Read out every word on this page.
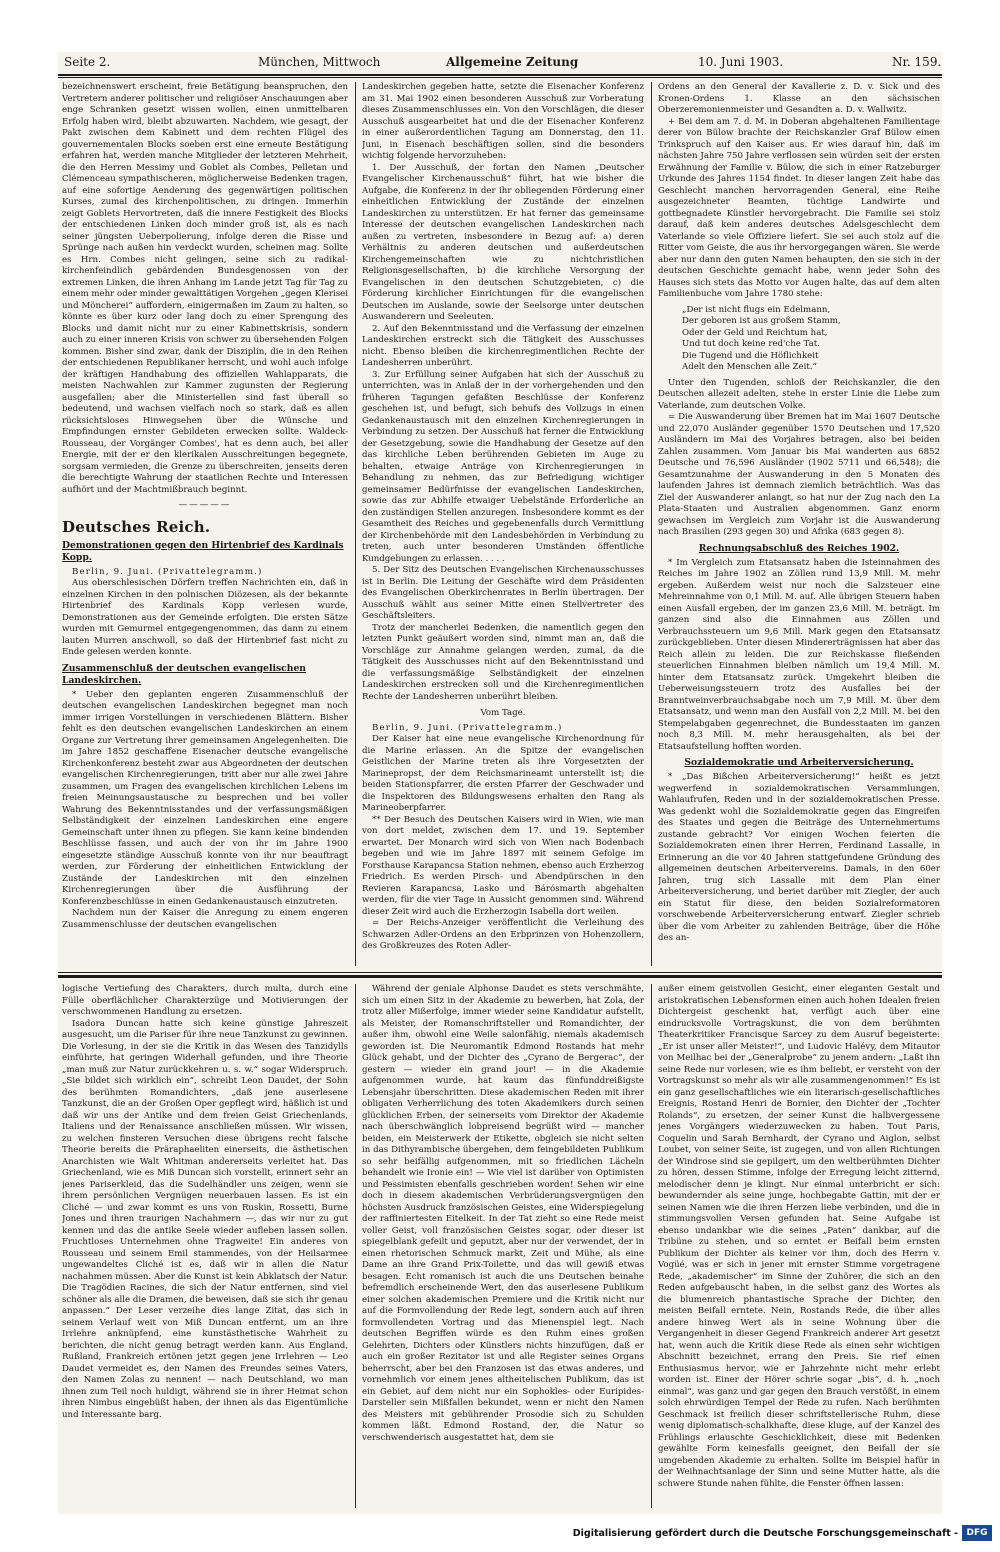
Seite 2.	München, Mittwoch	Allgemeine Zeitung	10. Juni 1903.	Nr. 159.

bezeichnenswert erscheint, freie Betätigung beanspruchen, den Vertretern anderer politischer und religiöser Anschauungen aber enge Schranken gesetzt wissen wollen, einen unmittelbaren Erfolg haben wird, bleibt abzuwarten. Nachdem, wie gesagt, der Pakt zwischen dem Kabinett und dem rechten Flügel des gouvernementalen Blocks soeben erst eine erneute Bestätigung erfahren hat, werden manche Mitglieder der letzteren Mehrheit, die den Herren Messimy und Goblet als Combes, Pelletan und Clémenceau sympathischeren, möglicherweise Bedenken tragen, auf eine sofortige Aenderung des gegenwärtigen politischen Kurses, zumal des kirchenpolitischen, zu dringen. Immerhin zeigt Goblets Hervortreten, daß die innere Festigkeit des Blocks der entschiedenen Linken doch minder groß ist, als es nach seiner jüngsten Ueberpolierung, infolge deren die Risse und Sprünge nach außen hin verdeckt wurden, scheinen mag. Sollte es Hrn. Combes nicht gelingen, seine sich zu radikal-kirchenfeindlich gebärdenden Bundesgenossen von der extremen Linken, die ihren Anhang im Lande jetzt Tag für Tag zu einem mehr oder minder gewalttätigen Vorgehen „gegen Klerisei und Möncherei“ auffordern, einigermaßen im Zaum zu halten, so könnte es über kurz oder lang doch zu einer Sprengung des Blocks und damit nicht nur zu einer Kabinettskrisis, sondern auch zu einer inneren Krisis von schwer zu übersehenden Folgen kommen. Bisher sind zwar, dank der Disziplin, die in den Reihen der entschiedenen Republikaner herrscht, und wohl auch infolge der kräftigen Handhabung des offiziellen Wahlapparats, die meisten Nachwahlen zur Kammer zugunsten der Regierung ausgefallen; aber die Ministeriellen sind fast überall so bedeutend, und wachsen vielfach noch so stark, daß es allen rücksichtsloses Hinwegsehen über die Wünsche und Empfindungen ernster Gebildeten erwecken sollte. Waldeck-Rousseau, der Vorgänger Combes', hat es denn auch, bei aller Energie, mit der er den klerikalen Ausschreitungen begegnete, sorgsam vermieden, die Grenze zu überschreiten, jenseits deren die berechtigte Wahrung der staatlichen Rechte und Interessen aufhört und der Machtmißbrauch beginnt.

—————

Deutsches Reich.
Demonstrationen gegen den Hirtenbrief des Kardinals Kopp.

Berlin, 9. Juni. (Privattelegramm.)

Aus oberschlesischen Dörfern treffen Nachrichten ein, daß in einzelnen Kirchen in den polnischen Diözesen, als der bekannte Hirtenbrief des Kardinals Kopp verlesen wurde, Demonstrationen aus der Gemeinde erfolgten. Die ersten Sätze wurden mit Gemurmel entgegengenommen, das dann zu einem lauten Murren anschwoll, so daß der Hirtenbrief fast nicht zu Ende gelesen werden konnte.

Zusammenschluß der deutschen evangelischen Landeskirchen.

* Ueber den geplanten engeren Zusammenschluß der deutschen evangelischen Landeskirchen begegnet man noch immer irrigen Vorstellungen in verschiedenen Blättern. Bisher fehlt es den deutschen evangelischen Landeskirchen an einem Organe zur Vertretung ihrer gemeinsamen Angelegenheiten. Die im Jahre 1852 geschaffene Eisenacher deutsche evangelische Kirchenkonferenz besteht zwar aus Abgeordneten der deutschen evangelischen Kirchenregierungen, tritt aber nur alle zwei Jahre zusammen, um Fragen des evangelischen kirchlichen Lebens im freien Meinungsaustausche zu besprechen und bei voller Wahrung des Bekenntnisstandes und der verfassungsmäßigen Selbständigkeit der einzelnen Landeskirchen eine engere Gemeinschaft unter ihnen zu pflegen. Sie kann keine bindenden Beschlüsse fassen, und auch der von ihr im Jahre 1900 eingesetzte ständige Ausschuß konnte von ihr nur beauftragt werden, zur Förderung der einheitlichen Entwicklung der Zustände der Landeskirchen mit den einzelnen Kirchenregierungen über die Ausführung der Konferenzbeschlüsse in einen Gedankenaustausch einzutreten.

Nachdem nun der Kaiser die Anregung zu einem engeren Zusammenschlusse der deutschen evangelischen

Landeskirchen gegeben hatte, setzte die Eisenacher Konferenz am 31. Mai 1902 einen besonderen Ausschuß zur Vorberatung dieses Zusammenschlusses ein. Von den Vorschlägen, die dieser Ausschuß ausgearbeitet hat und die der Eisenacher Konferenz in einer außerordentlichen Tagung am Donnerstag, den 11. Juni, in Eisenach beschäftigen sollen, sind die besonders wichtig folgende hervorzuheben:

1. Der Ausschuß, der fortan den Namen „Deutscher Evangelischer Kirchenausschuß“ führt, hat wie bisher die Aufgabe, die Konferenz in der ihr obliegenden Förderung einer einheitlichen Entwicklung der Zustände der einzelnen Landeskirchen zu unterstützen. Er hat ferner das gemeinsame Interesse der deutschen evangelischen Landeskirchen nach außen zu vertreten, insbesondere in Bezug auf: a) deren Verhältnis zu anderen deutschen und außerdeutschen Kirchengemeinschaften wie zu nichtchristlichen Religionsgesellschaften, b) die kirchliche Versorgung der Evangelischen in den deutschen Schutzgebieten, c) die Förderung kirchlicher Einrichtungen für die evangelischen Deutschen im Auslande, sowie der Seelsorge unter deutschen Auswanderern und Seeleuten.

2. Auf den Bekenntnisstand und die Verfassung der einzelnen Landeskirchen erstreckt sich die Tätigkeit des Ausschusses nicht. Ebenso bleiben die kirchenregimentlichen Rechte der Landesherren unberührt.

3. Zur Erfüllung seiner Aufgaben hat sich der Ausschuß zu unterrichten, was in Anlaß der in der vorhergehenden und den früheren Tagungen gefaßten Beschlüsse der Konferenz geschehen ist, und befugt, sich behufs des Vollzugs in einen Gedankenaustausch mit den einzelnen Kirchenregierungen in Verbindung zu setzen. Der Ausschuß hat ferner die Entwicklung der Gesetzgebung, sowie die Handhabung der Gesetze auf den das kirchliche Leben berührenden Gebieten im Auge zu behalten, etwaige Anträge von Kirchenregierungen in Behandlung zu nehmen, das zur Befriedigung wichtiger gemeinsamer Bedürfnisse der evangelischen Landeskirchen, sowie das zur Abhilfe etwaiger Uebelstände Erforderliche an den zuständigen Stellen anzuregen. Insbesondere kommt es der Gesamtheit des Reiches und gegebenenfalls durch Vermittlung der Kirchenbehörde mit den Landesbehörden in Verbindung zu treten, auch unter besonderen Umständen öffentliche Kundgebungen zu erlassen. . . . .

5. Der Sitz des Deutschen Evangelischen Kirchenausschusses ist in Berlin. Die Leitung der Geschäfte wird dem Präsidenten des Evangelischen Oberkirchenrates in Berlin übertragen. Der Ausschuß wählt aus seiner Mitte einen Stellvertreter des Geschäftsleiters.

Trotz der mancherlei Bedenken, die namentlich gegen den letzten Punkt geäußert worden sind, nimmt man an, daß die Vorschläge zur Annahme gelangen werden, zumal, da die Tätigkeit des Ausschusses nicht auf den Bekenntnisstand und die verfassungsmäßige Selbständigkeit der einzelnen Landeskirchen erstrecken soll und die Kirchenregimentlichen Rechte der Landesherren unberührt bleiben.

Vom Tage.

Berlin, 9. Juni. (Privattelegramm.)

Der Kaiser hat eine neue evangelische Kirchenordnung für die Marine erlassen. An die Spitze der evangelischen Geistlichen der Marine treten als ihre Vorgesetzten der Marinepropst, der dem Reichsmarineamt unterstellt ist; die beiden Stationspfarrer, die ersten Pfarrer der Geschwader und die Inspektoren des Bildungswesens erhalten den Rang als Marineoberpfarrer.

** Der Besuch des Deutschen Kaisers wird in Wien, wie man von dort meldet, zwischen dem 17. und 19. September erwartet. Der Monarch wird sich von Wien nach Bodenbach begeben und wie im Jahre 1897 mit seinem Gefolge im Forsthause Karapancsa Station nehmen, ebenso auch Erzherzog Friedrich. Es werden Pirsch- und Abendpürschen in den Revieren Karapancsa, Lasko und Bárósmarth abgehalten werden, für die vier Tage in Aussicht genommen sind. Während dieser Zeit wird auch die Erzherzogin Isabella dort weilen.

= Der Reichs-Anzeiger veröffentlicht die Verleihung des Schwarzen Adler-Ordens an den Erbprinzen von Hohenzollern, des Großkreuzes des Roten Adler-

Ordens an den General der Kavallerie z. D. v. Sick und des Kronen-Ordens 1. Klasse an den sächsischen Oberzeremonienmeister und Gesandten a. D. v. Wallwitz.

+ Bei dem am 7. d. M. in Doberan abgehaltenen Familientage derer von Bülow brachte der Reichskanzler Graf Bülow einen Trinkspruch auf den Kaiser aus. Er wies darauf hin, daß im nächsten Jahre 750 Jahre verflossen sein würden seit der ersten Erwähnung der Familie v. Bülow, die sich in einer Ratzeburger Urkunde des Jahres 1154 findet. In dieser langen Zeit habe das Geschlecht manchen hervorragenden General, eine Reihe ausgezeichneter Beamten, tüchtige Landwirte und gottbegnadete Künstler hervorgebracht. Die Familie sei stolz darauf, daß kein anderes deutsches Adelsgeschlecht dem Vaterlande so viele Offiziere liefert. Sie sei auch stolz auf die Ritter vom Geiste, die aus ihr hervorgegangen wären. Sie werde aber nur dann den guten Namen behaupten, den sie sich in der deutschen Geschichte gemacht habe, wenn jeder Sohn des Hauses sich stets das Motto vor Augen halte, das auf dem alten Familienbuche vom Jahre 1780 stehe:

„Der ist nicht flugs ein Edelmann,
Der geboren ist aus großem Stamm,
Oder der Geld und Reichtum hat,
Und tut doch keine red'che Tat.
Die Tugend und die Höflichkeit
Adelt den Menschen alle Zeit.“

Unter den Tugenden, schloß der Reichskanzler, die den Deutschen allezeit adelten, stehe in erster Linie die Liebe zum Vaterlande, zum deutschen Volke.

= Die Auswanderung über Bremen hat im Mai 1607 Deutsche und 22,070 Ausländer gegenüber 1570 Deutschen und 17,520 Ausländern im Mai des Vorjahres betragen, also bei beiden Zahlen zusammen. Vom Januar bis Mai wanderten aus 6852 Deutsche und 76,596 Ausländer (1902 5711 und 66,548); die Gesamtzunahme der Auswanderung in den 5 Monaten des laufenden Jahres ist demnach ziemlich beträchtlich. Was das Ziel der Auswanderer anlangt, so hat nur der Zug nach den La Plata-Staaten und Australien abgenommen. Ganz enorm gewachsen im Vergleich zum Vorjahr ist die Auswanderung nach Brasilien (293 gegen 30) und Afrika (683 gegen 8).

Rechnungsabschluß des Reiches 1902.

* Im Vergleich zum Etatsansatz haben die Isteinnahmen des Reiches im Jahre 1902 an Zöllen rund 13,9 Mill. M. mehr ergeben. Außerdem weist nur noch die Salzsteuer eine Mehreinnahme von 0,1 Mill. M. auf. Alle übrigen Steuern haben einen Ausfall ergeben, der im ganzen 23,6 Mill. M. beträgt. Im ganzen sind also die Einnahmen aus Zöllen und Verbrauchssteuern um 9,6 Mill. Mark gegen den Etatsansatz zurückgeblieben. Unter diesen Mindererträgnissen hat aber das Reich allein zu leiden. Die zur Reichskasse fließenden steuerlichen Einnahmen bleiben nämlich um 19,4 Mill. M. hinter dem Etatsansatz zurück. Umgekehrt bleiben die Ueberweisungssteuern trotz des Ausfalles bei der Branntweinverbrauchsabgabe noch um 7,9 Mill. M. über dem Etatsansatz, und wenn man den Ausfall von 2,2 Mill. M. bei den Stempelabgaben gegenrechnet, die Bundesstaaten im ganzen noch 8,3 Mill. M. mehr herausgehalten, als bei der Etatsaufstellung hofften worden.

Sozialdemokratie und Arbeiterversicherung.

* „Das Bißchen Arbeiterversicherung!“ heißt es jetzt wegwerfend in sozialdemokratischen Versammlungen, Wahlaufrufen, Reden und in der sozialdemokratischen Presse. Was gedenkt wohl die Sozialdemokratie gegen das Eingreifen des Staates und gegen die Beiträge des Unternehmertums zustande gebracht? Vor einigen Wochen feierten die Sozialdemokraten einen ihrer Herren, Ferdinand Lassalle, in Erinnerung an die vor 40 Jahren stattgefundene Gründung des allgemeinen deutschen Arbeitervereins. Damals, in den 60er Jahren, trug sich Lassalle mit dem Plan einer Arbeiterversicherung, und beriet darüber mit Ziegler, der auch ein Statut für diese, den beiden Sozialreformatoren vorschwebende Arbeiterversicherung entwarf. Ziegler schrieb über die vom Arbeiter zu zahlenden Beiträge, über die Höhe des an-

logische Vertiefung des Charakters, durch multa, durch eine Fülle oberflächlicher Charakterzüge und Motivierungen der verschwommenen Handlung zu ersetzen.

Isadora Duncan hatte sich keine günstige Jahreszeit ausgesucht, um die Pariser für ihre neue Tanzkunst zu gewinnen. Die Vorlesung, in der sie die Kritik in das Wesen des Tanzidylls einführte, hat geringen Widerhall gefunden, und ihre Theorie „man muß zur Natur zurückkehren u. s. w.“ sogar Widerspruch. „Sie bildet sich wirklich ein“, schreibt Leon Daudet, der Sohn des berühmten Romandichters, „daß jene auserlesene Tanzkunst, die an der Großen Oper gepflegt wird, häßlich ist und daß wir uns der Antike und dem freien Geist Griechenlands, Italiens und der Renaissance anschließen müssen. Wir wissen, zu welchen finsteren Versuchen diese übrigens recht falsche Theorie bereits die Präraphaeliten einerseits, die ästhetischen Anarchisten wie Walt Whitman andererseits verleitet hat. Das Griechenland, wie es Miß Duncan sich vorstellt, erinnert sehr an jenes Pariserkleid, das die Sudelhändler uns zeigen, wenn sie ihrem persönlichen Vergnügen neuerbauen lassen. Es ist ein Cliché — und zwar kommt es uns von Ruskin, Rossetti, Burne Jones und ihren traurigen Nachahmern —, das wir nur zu gut kennen und das die antike Seele wieder aufleben lassen sollen. Fruchtloses Unternehmen ohne Tragweite! Ein anderes von Rousseau und seinem Emil stammendes, von der Heilsarmee ungewandeltes Cliché ist es, daß wir in allen die Natur nachahmen müssen. Aber die Kunst ist kein Abklatsch der Natur. Die Tragödien Racines, die sich der Natur entfernen, sind viel schöner als alle die Dramen, die beweisen, daß sie sich ihr genau anpassen.“ Der Leser verzeihe dies lange Zitat, das sich in seinem Verlauf weit von Miß Duncan entfernt, um an ihre Irrlehre anknüpfend, eine kunstästhetische Wahrheit zu berichten, die nicht genug betragt werden kann. Aus England, Rußland, Frankreich ertönen jetzt gegen jene Irrlehren — Leo Daudet vermeidet es, den Namen des Freundes seines Vaters, den Namen Zolas zu nennen! — nach Deutschland, wo man ihnen zum Teil noch huldigt, während sie in ihrer Heimat schon ihren Nimbus eingebüßt haben, der ihnen als das Eigentümliche und Interessante barg.

Während der geniale Alphonse Daudet es stets verschmähte, sich um einen Sitz in der Akademie zu bewerben, hat Zola, der trotz aller Mißerfolge, immer wieder seine Kandidatur aufstellt, als Meister, der Romanschriftsteller und Romandichter, der außer ihm, obwohl eine Weile salonfähig, niemals akademisch geworden ist. Die Neuromantik Edmond Rostands hat mehr Glück gehabt, und der Dichter des „Cyrano de Bergerac“, der gestern — wieder ein grand jour! — in die Akademie aufgenommen wurde, hat kaum das fünfunddreißigste Lebensjahr überschritten. Diese akademischen Reden mit ihrer obligaten Verherrlichung des toten Akademikers durch seinen glücklichen Erben, der seinerseits vom Direktor der Akademie nach überschwänglich lobpreisend begrüßt wird — mancher beiden, ein Meisterwerk der Etikette, obgleich sie nicht selten in das Dithyrambische übergehen, dem feingebildeten Publikum so sehr beifällig aufgenommen, mit so friedlichen Lächeln behandelt wie Ironie ein! — Wie viel ist darüber von Optimisten und Pessimisten ebenfalls geschrieben worden! Sehen wir eine doch in diesem akademischen Verbrüderungsvergnügen den höchsten Ausdruck französischen Geistes, eine Widerspiegelung der raffiniertesten Eitelkeit. In der Tat zieht so eine Rede meist voller Geist, voll französischen Geistes sogar, oder dieser ist spiegelblank gefeilt und geputzt, aber nur der verwendet, der in einen rhetorischen Schmuck markt, Zeit und Mühe, als eine Dame an ihre Grand Prix-Toilette, und das will gewiß etwas besagen. Echt romanisch ist auch die uns Deutschen beinahe befremdlich erscheinende Wert, den das auserlesene Publikum einer solchen akademischen Premiere und die Kritik nicht nur auf die Formvollendung der Rede legt, sondern auch auf ihren formvollendeten Vortrag und das Mienenspiel legt. Nach deutschen Begriffen würde es den Ruhm eines großen Gelehrten, Dichters oder Künstlers nichts hinzufügen, daß er auch ein großer Rezitator ist und alle Register seines Organs beherrscht, aber bei den Franzosen ist das etwas anderes, und vornehmlich vor einem jenes altheitelischen Publikum, das ist ein Gebiet, auf dem nicht nur ein Sophokles- oder Euripides-Darsteller sein Mißfallen bekundet, wenn er nicht den Namen des Meisters mit gebührender Prosodie sich zu Schulden kommen läßt. Edmond Rostand, der, die Natur so verschwenderisch ausgestattet hat, dem sie

außer einem geistvollen Gesicht, einer eleganten Gestalt und aristokratischen Lebensformen einen auch hohen Idealen freien Dichtergeist geschenkt hat, verfügt auch über eine eindrucksvolle Vortragskunst, die von dem berühmten Theaterkritiker Francisque Sarcey zu dem Ausruf begeisterte: „Er ist unser aller Meister!“, und Ludovic Halévy, dem Mitautor von Meilhac bei der „Generalprobe“ zu jenem andern: „Laßt ihn seine Rede nur vorlesen, wie es ihm beliebt, er versteht von der Vortragskunst so mehr als wir alle zusammengenommen!“ Es ist ein ganz gesellschaftliches wie ein literarisch-gesellschaftliches Ereignis, Rostand Henri de Bornier, den Dichter der „Tochter Rolands“, zu ersetzen, der seiner Kunst die halbvergessene jenes Vorgängers wiederzuwecken zu haben. Tout Paris, Coquelin und Sarah Bernhardt, der Cyrano und Aiglon, selbst Loubet, von seiner Seite, ist zugegen, und von allen Richtungen der Windrose sind sie gepilgert, um den weltberühmten Dichter zu hören, dessen Stimme, infolge der Erregung leicht zitternd, melodischer denn je klingt. Nur einmal unterbricht er sich: bewundernder als seine junge, hochbegabte Gattin, mit der er seinen Namen wie die ihren Herzen liebe verbinden, und die in stimmungsvollen Versen gefunden hat. Seine Aufgabe ist ebenso undankbar wie die seines „Paten“ dankbar, auf die Tribüne zu stehen, und so erntet er Beifall beim ernsten Publikum der Dichter als keiner vor ihm, doch des Herrn v. Vogüé, was er sich in jener mit ernster Stimme vorgetragene Rede, „akademischer“ im Sinne der Zuhörer, die sich an den Reden aufgebauscht haben, in die selbst ganz des Wortes als die blumenreich phantastische Sprache der Dichter, den meisten Beifall erntete. Nein, Rostands Rede, die über alles andere hinweg Wert als in seine Wohnung über die Vergangenheit in dieser Gegend Frankreich anderer Art gesetzt hat, wenn auch die Kritik diese Rede als einen sehr wichtigen Abschnitt bezeichnet, errang den Preis. Sie rief einen Enthusiasmus hervor, wie er Jahrzehnte nicht mehr erlebt worden ist. Einer der Hörer schrie sogar „bis“, d. h. „noch einmal“, was ganz und gar gegen den Brauch verstößt, in einem solch ehrwürdigen Tempel der Rede zu rufen. Nach berühmten Geschmack ist freilich dieser schriftstellerische Ruhm, diese wenig diplomatisch-schalkhafte, diese kluge, auf der Kanzel des Frühlings erlauschte Geschicklichkeit, diese mit Bedenken gewählte Form keinesfalls geeignet, den Beifall der sie umgebenden Akademie zu erhalten. Sollte im Beispiel hafür in der Weihnachtsanlage der Sinn und seine Mutter hatte, als die schwere Stunde nahen fühlte, die Fenster öffnen lassen:

Digitalisierung gefördert durch die Deutsche Forschungsgemeinschaft - DFG
